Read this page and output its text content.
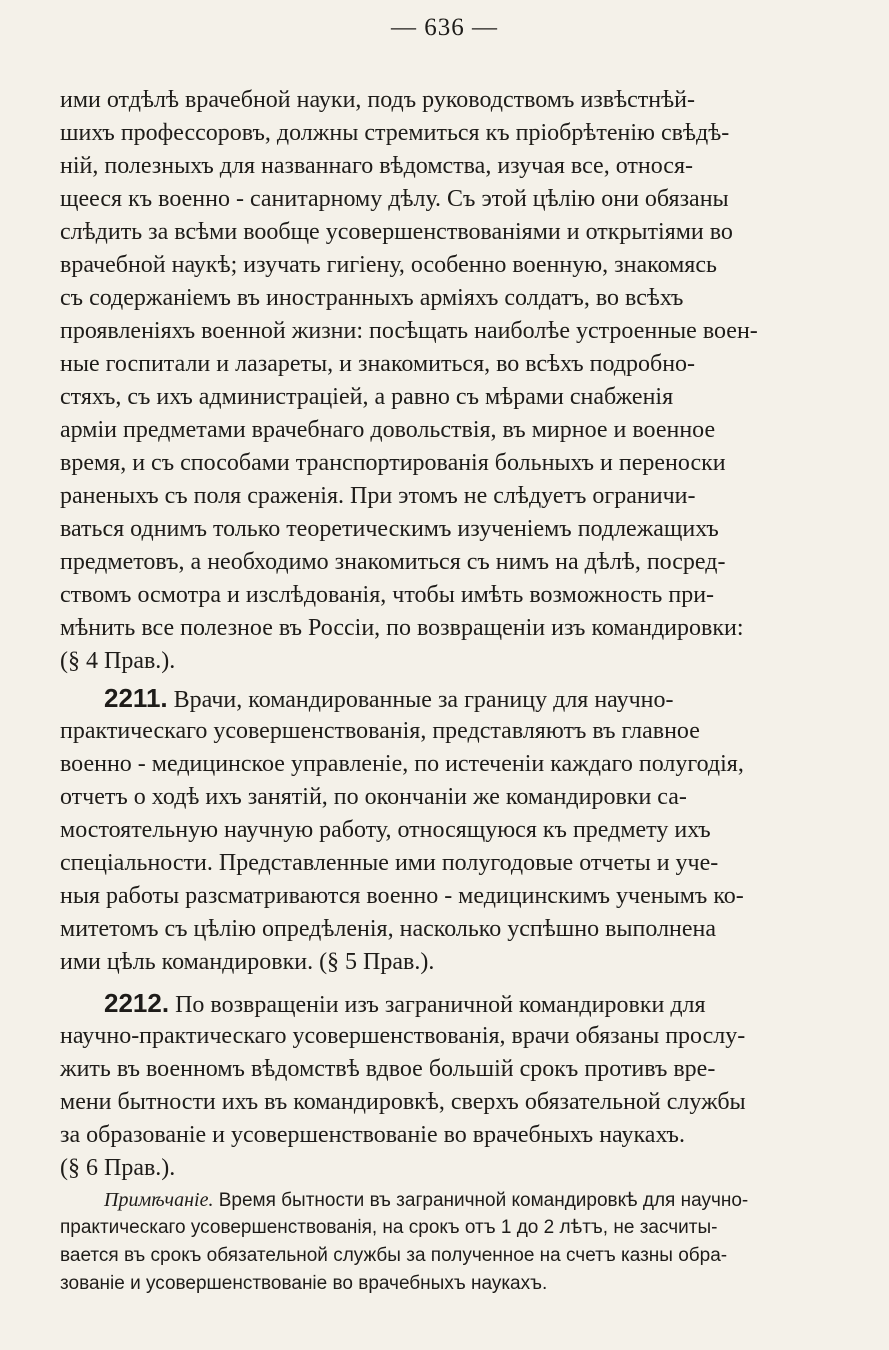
— 636 —
ими отдѣлѣ врачебной науки, подъ руководствомъ извѣстнѣй-
шихъ профессоровъ, должны стремиться къ пріобрѣтенію свѣдѣ-
ній, полезныхъ для названнаго вѣдомства, изучая все, относя-
щееся къ военно - санитарному дѣлу. Съ этой цѣлію они обязаны
слѣдить за всѣми вообще усовершенствованіями и открытіями во
врачебной наукѣ; изучать гигіену, особенно военную, знакомясь
съ содержаніемъ въ иностранныхъ арміяхъ солдатъ, во всѣхъ
проявленіяхъ военной жизни: посѣщать наиболѣе устроенные воен-
ные госпитали и лазареты, и знакомиться, во всѣхъ подробно-
стяхъ, съ ихъ администраціей, а равно съ мѣрами снабженія
арміи предметами врачебнаго довольствія, въ мирное и военное
время, и съ способами транспортированія больныхъ и переноски
раненыхъ съ поля сраженія. При этомъ не слѣдуетъ ограничи-
ваться однимъ только теоретическимъ изученіемъ подлежащихъ
предметовъ, а необходимо знакомиться съ нимъ на дѣлѣ, посред-
ствомъ осмотра и изслѣдованія, чтобы имѣть возможность при-
мѣнить все полезное въ Россіи, по возвращеніи изъ командировки:
(§ 4 Прав.).
2211. Врачи, командированные за границу для научно-
практическаго усовершенствованія, представляютъ въ главное
военно - медицинское управленіе, по истеченіи каждаго полугодія,
отчетъ о ходѣ ихъ занятій, по окончаніи же командировки са-
мостоятельную научную работу, относящуюся къ предмету ихъ
спеціальности. Представленные ими полугодовые отчеты и уче-
ныя работы разсматриваются военно - медицинскимъ ученымъ ко-
митетомъ съ цѣлію опредѣленія, насколько успѣшно выполнена
ими цѣль командировки. (§ 5 Прав.).
2212. По возвращеніи изъ заграничной командировки для
научно-практическаго усовершенствованія, врачи обязаны прослу-
жить въ военномъ вѣдомствѣ вдвое большій срокъ противъ вре-
мени бытности ихъ въ командировкѣ, сверхъ обязательной службы
за образованіе и усовершенствованіе во врачебныхъ наукахъ.
(§ 6 Прав.).
Примѣчаніе. Время бытности въ заграничной командировкѣ для научно-
практическаго усовершенствованія, на срокъ отъ 1 до 2 лѣтъ, не засчиты-
вается въ срокъ обязательной службы за полученное на счетъ казны обра-
зованіе и усовершенствованіе во врачебныхъ наукахъ.
